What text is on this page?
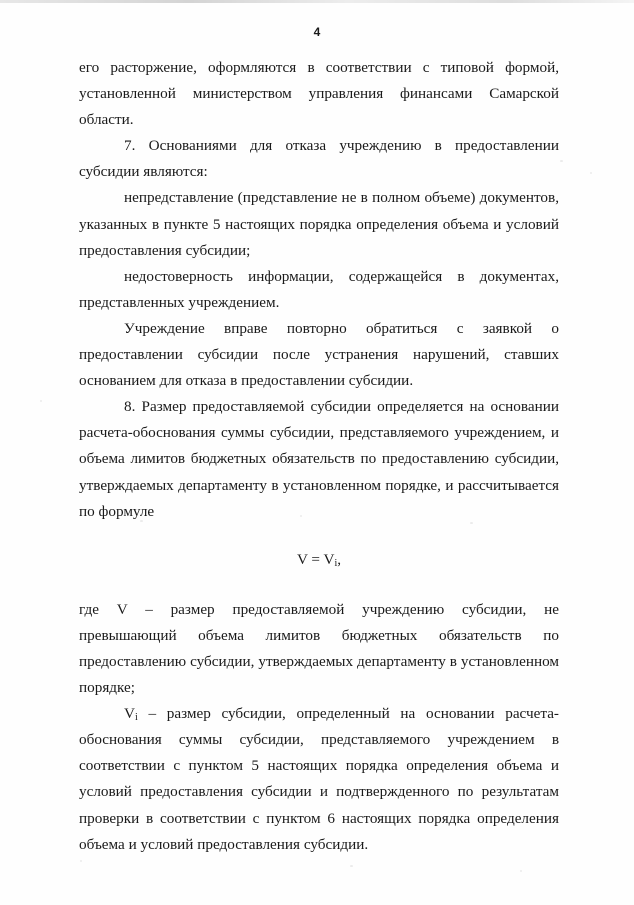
4

его расторжение, оформляются в соответствии с типовой формой, установленной министерством управления финансами Самарской области.

7. Основаниями для отказа учреждению в предоставлении субсидии являются:

непредставление (представление не в полном объеме) документов, указанных в пункте 5 настоящих порядка определения объема и условий предоставления субсидии;

недостоверность информации, содержащейся в документах, представленных учреждением.

Учреждение вправе повторно обратиться с заявкой о предоставлении субсидии после устранения нарушений, ставших основанием для отказа в предоставлении субсидии.

8. Размер предоставляемой субсидии определяется на основании расчета-обоснования суммы субсидии, представляемого учреждением, и объема лимитов бюджетных обязательств по предоставлению субсидии, утверждаемых департаменту в установленном порядке, и рассчитывается по формуле

$V = V_i$,

где V – размер предоставляемой учреждению субсидии, не превышающий объема лимитов бюджетных обязательств по предоставлению субсидии, утверждаемых департаменту в установленном порядке;

$V_i$ – размер субсидии, определенный на основании расчета-обоснования суммы субсидии, представляемого учреждением в соответствии с пунктом 5 настоящих порядка определения объема и условий предоставления субсидии и подтвержденного по результатам проверки в соответствии с пунктом 6 настоящих порядка определения объема и условий предоставления субсидии.
